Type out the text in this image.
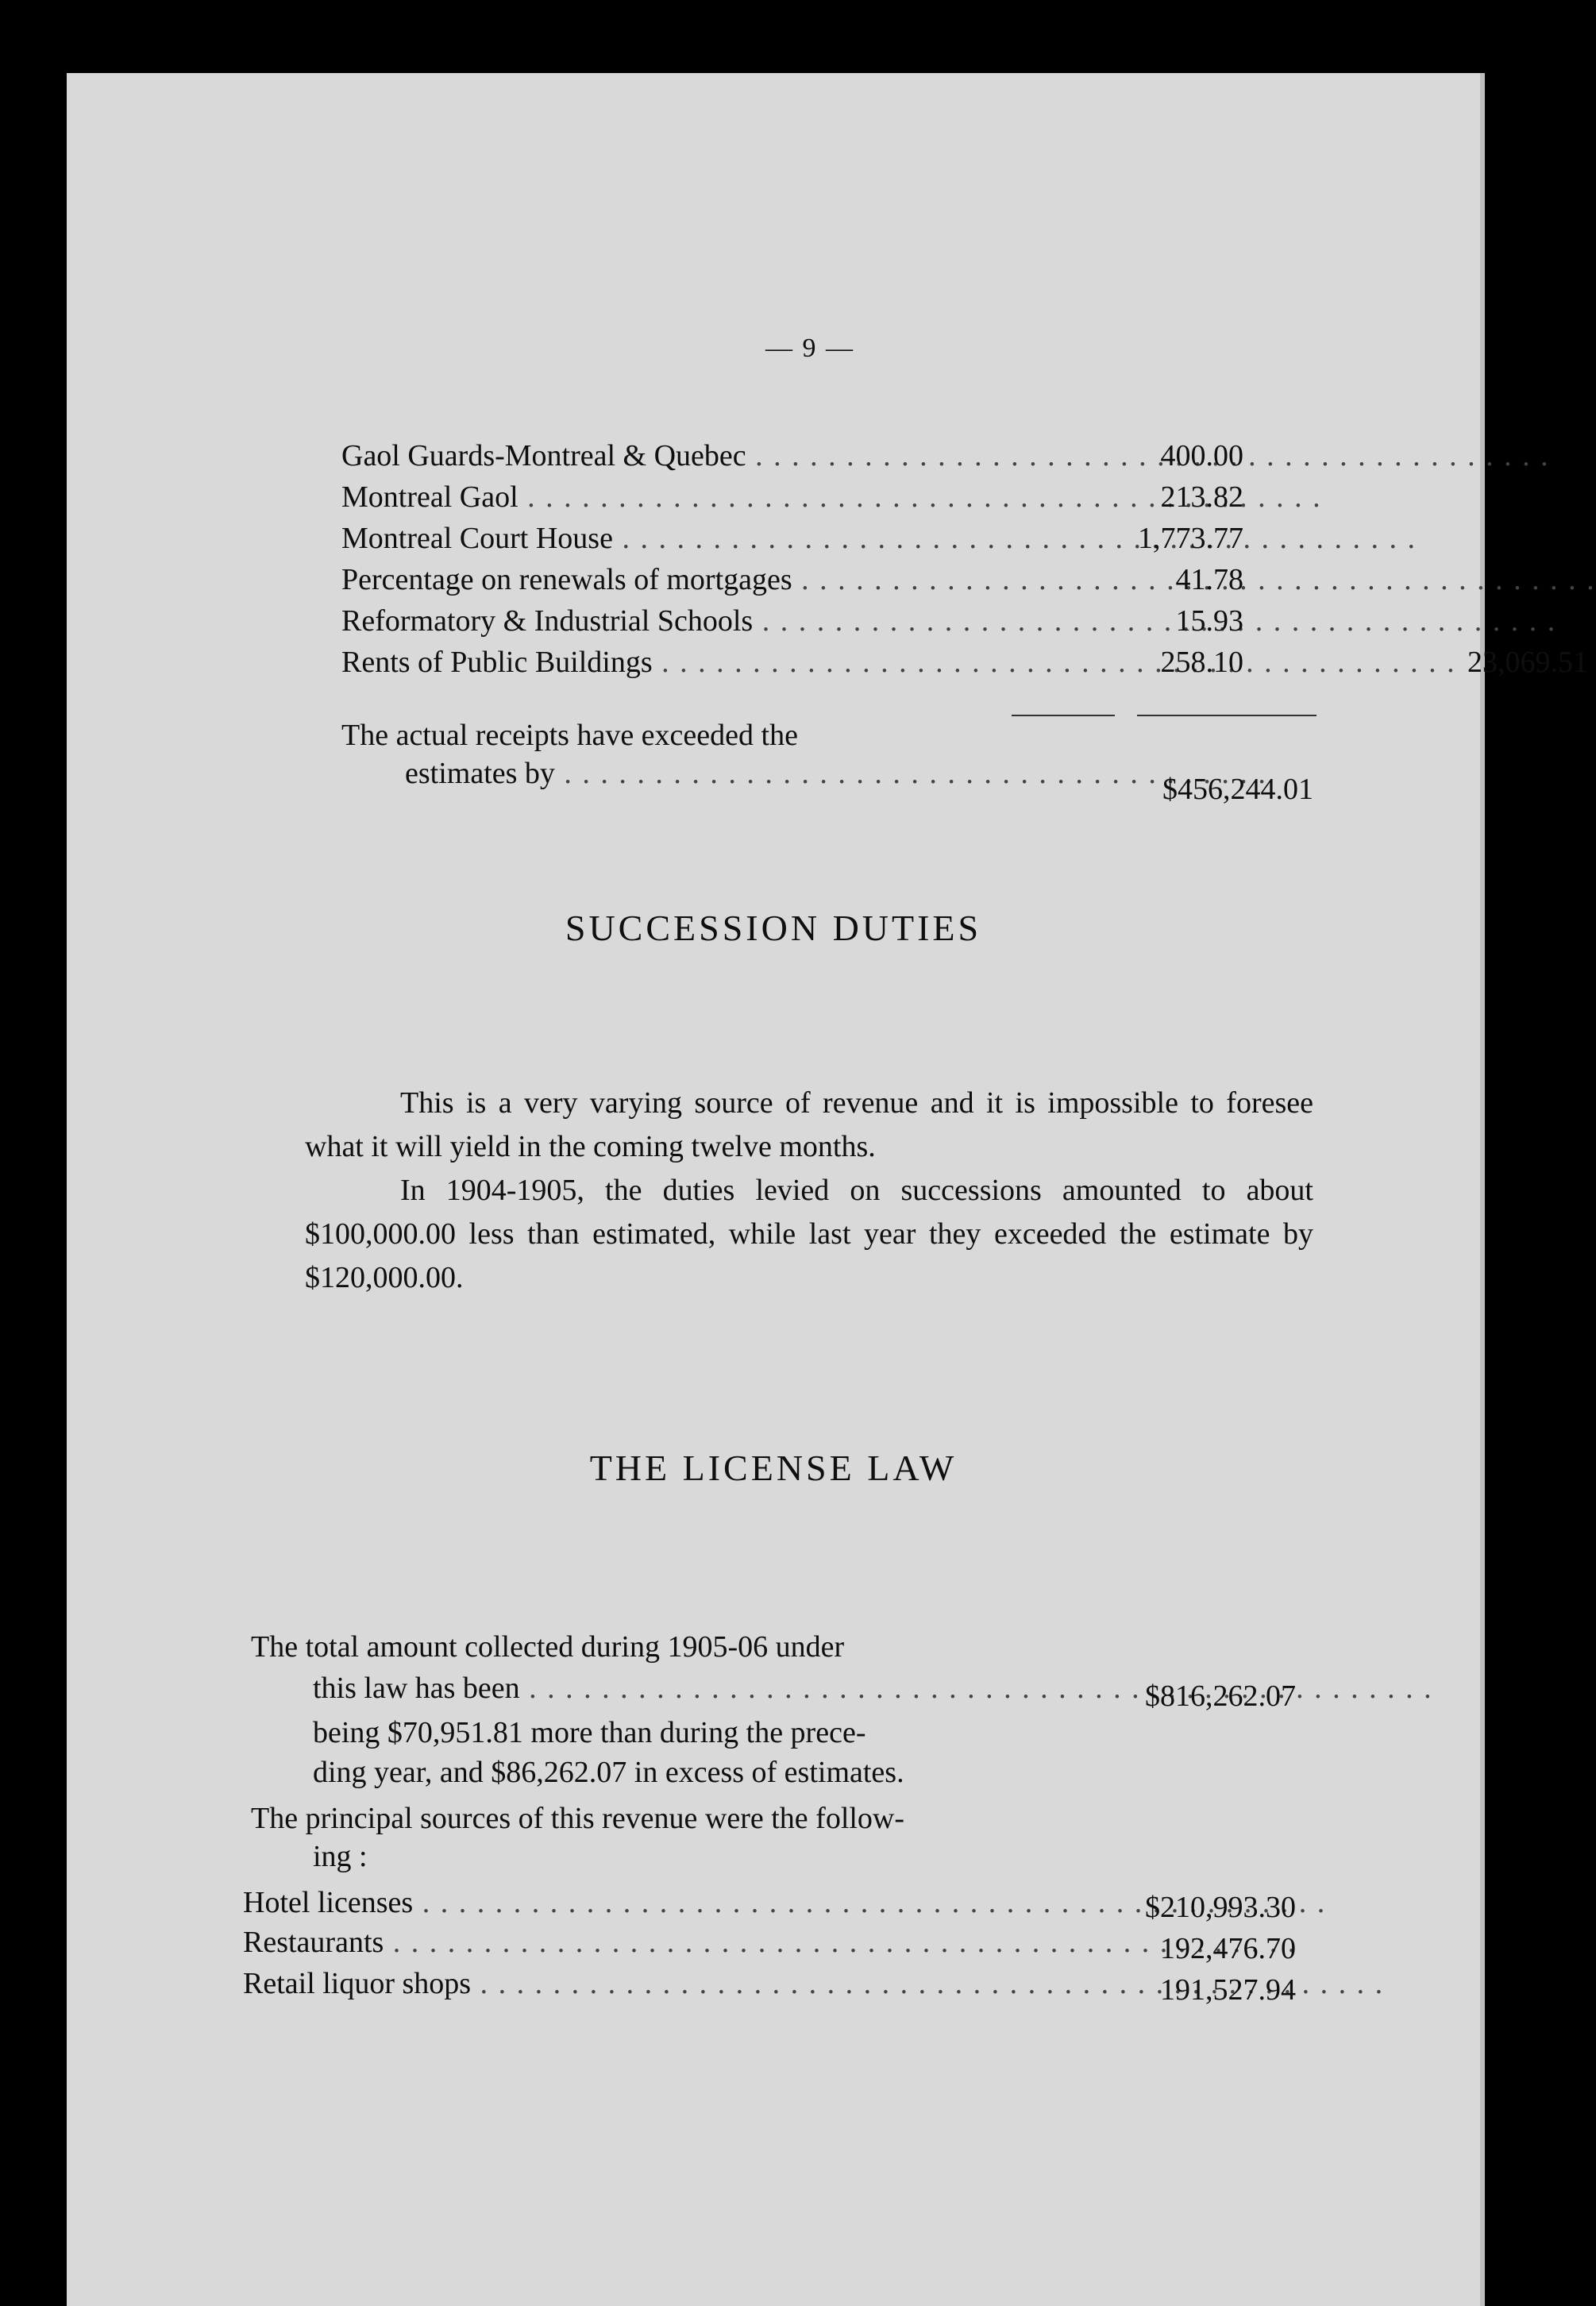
— 9 —
Gaol Guards-Montreal & Quebec . . .	400.00
Montreal Gaol . . .	213.82
Montreal Court House . . .	1,773.77
Percentage on renewals of mortgages . . .	41.78
Reformatory & Industrial Schools . . .	15.93
Rents of Public Buildings . . .	258.10	23,069.51
The actual receipts have exceeded the
estimates by . . .	$456,244.01
SUCCESSION DUTIES

This is a very varying source of revenue and it is impossible to foresee what it will yield in the coming twelve months.

In 1904-1905, the duties levied on successions amounted to about $100,000.00 less than estimated, while last year they exceeded the estimate by $120,000.00.

THE LICENSE LAW
The total amount collected during 1905-06 under
this law has been . . .	$816,262.07
being $70,951.81 more than during the prece-
ding year, and $86,262.07 in excess of estimates.
The principal sources of this revenue were the follow-
ing :
Hotel licenses . . .	$210,993.30
Restaurants . . .	192,476.70
Retail liquor shops . . .	191,527.94
